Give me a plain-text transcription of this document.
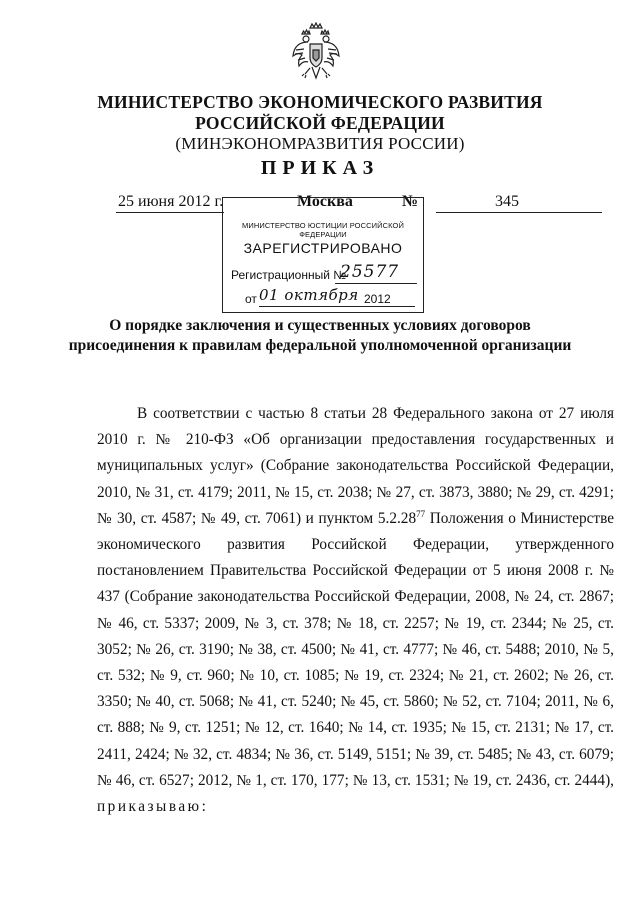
МИНИСТЕРСТВО ЭКОНОМИЧЕСКОГО РАЗВИТИЯ
РОССИЙСКОЙ ФЕДЕРАЦИИ
(МИНЭКОНОМРАЗВИТИЯ РОССИИ)
ПРИКАЗ
25 июня 2012 г.	Москва	№	345
МИНИСТЕРСТВО ЮСТИЦИИ РОССИЙСКОЙ ФЕДЕРАЦИИ
ЗАРЕГИСТРИРОВАНО
Регистрационный №
25577
от 01 октября 2012
О порядке заключения и существенных условиях договоров
присоединения к правилам федеральной уполномоченной организации
В соответствии с частью 8 статьи 28 Федерального закона от 27 июля 2010 г. № 210-ФЗ «Об организации предоставления государственных и муниципальных услуг» (Собрание законодательства Российской Федерации, 2010, № 31, ст. 4179; 2011, № 15, ст. 2038; № 27, ст. 3873, 3880; № 29, ст. 4291; № 30, ст. 4587; № 49, ст. 7061) и пунктом 5.2.28$^{77}$ Положения о Министерстве экономического развития Российской Федерации, утвержденного постановлением Правительства Российской Федерации от 5 июня 2008 г. № 437 (Собрание законодательства Российской Федерации, 2008, № 24, ст. 2867; № 46, ст. 5337; 2009, № 3, ст. 378; № 18, ст. 2257; № 19, ст. 2344; № 25, ст. 3052; № 26, ст. 3190; № 38, ст. 4500; № 41, ст. 4777; № 46, ст. 5488; 2010, № 5, ст. 532; № 9, ст. 960; № 10, ст. 1085; № 19, ст. 2324; № 21, ст. 2602; № 26, ст. 3350; № 40, ст. 5068; № 41, ст. 5240; № 45, ст. 5860; № 52, ст. 7104; 2011, № 6, ст. 888; № 9, ст. 1251; № 12, ст. 1640; № 14, ст. 1935; № 15, ст. 2131; № 17, ст. 2411, 2424; № 32, ст. 4834; № 36, ст. 5149, 5151; № 39, ст. 5485; № 43, ст. 6079; № 46, ст. 6527; 2012, № 1, ст. 170, 177; № 13, ст. 1531; № 19, ст. 2436, ст. 2444), приказываю:
